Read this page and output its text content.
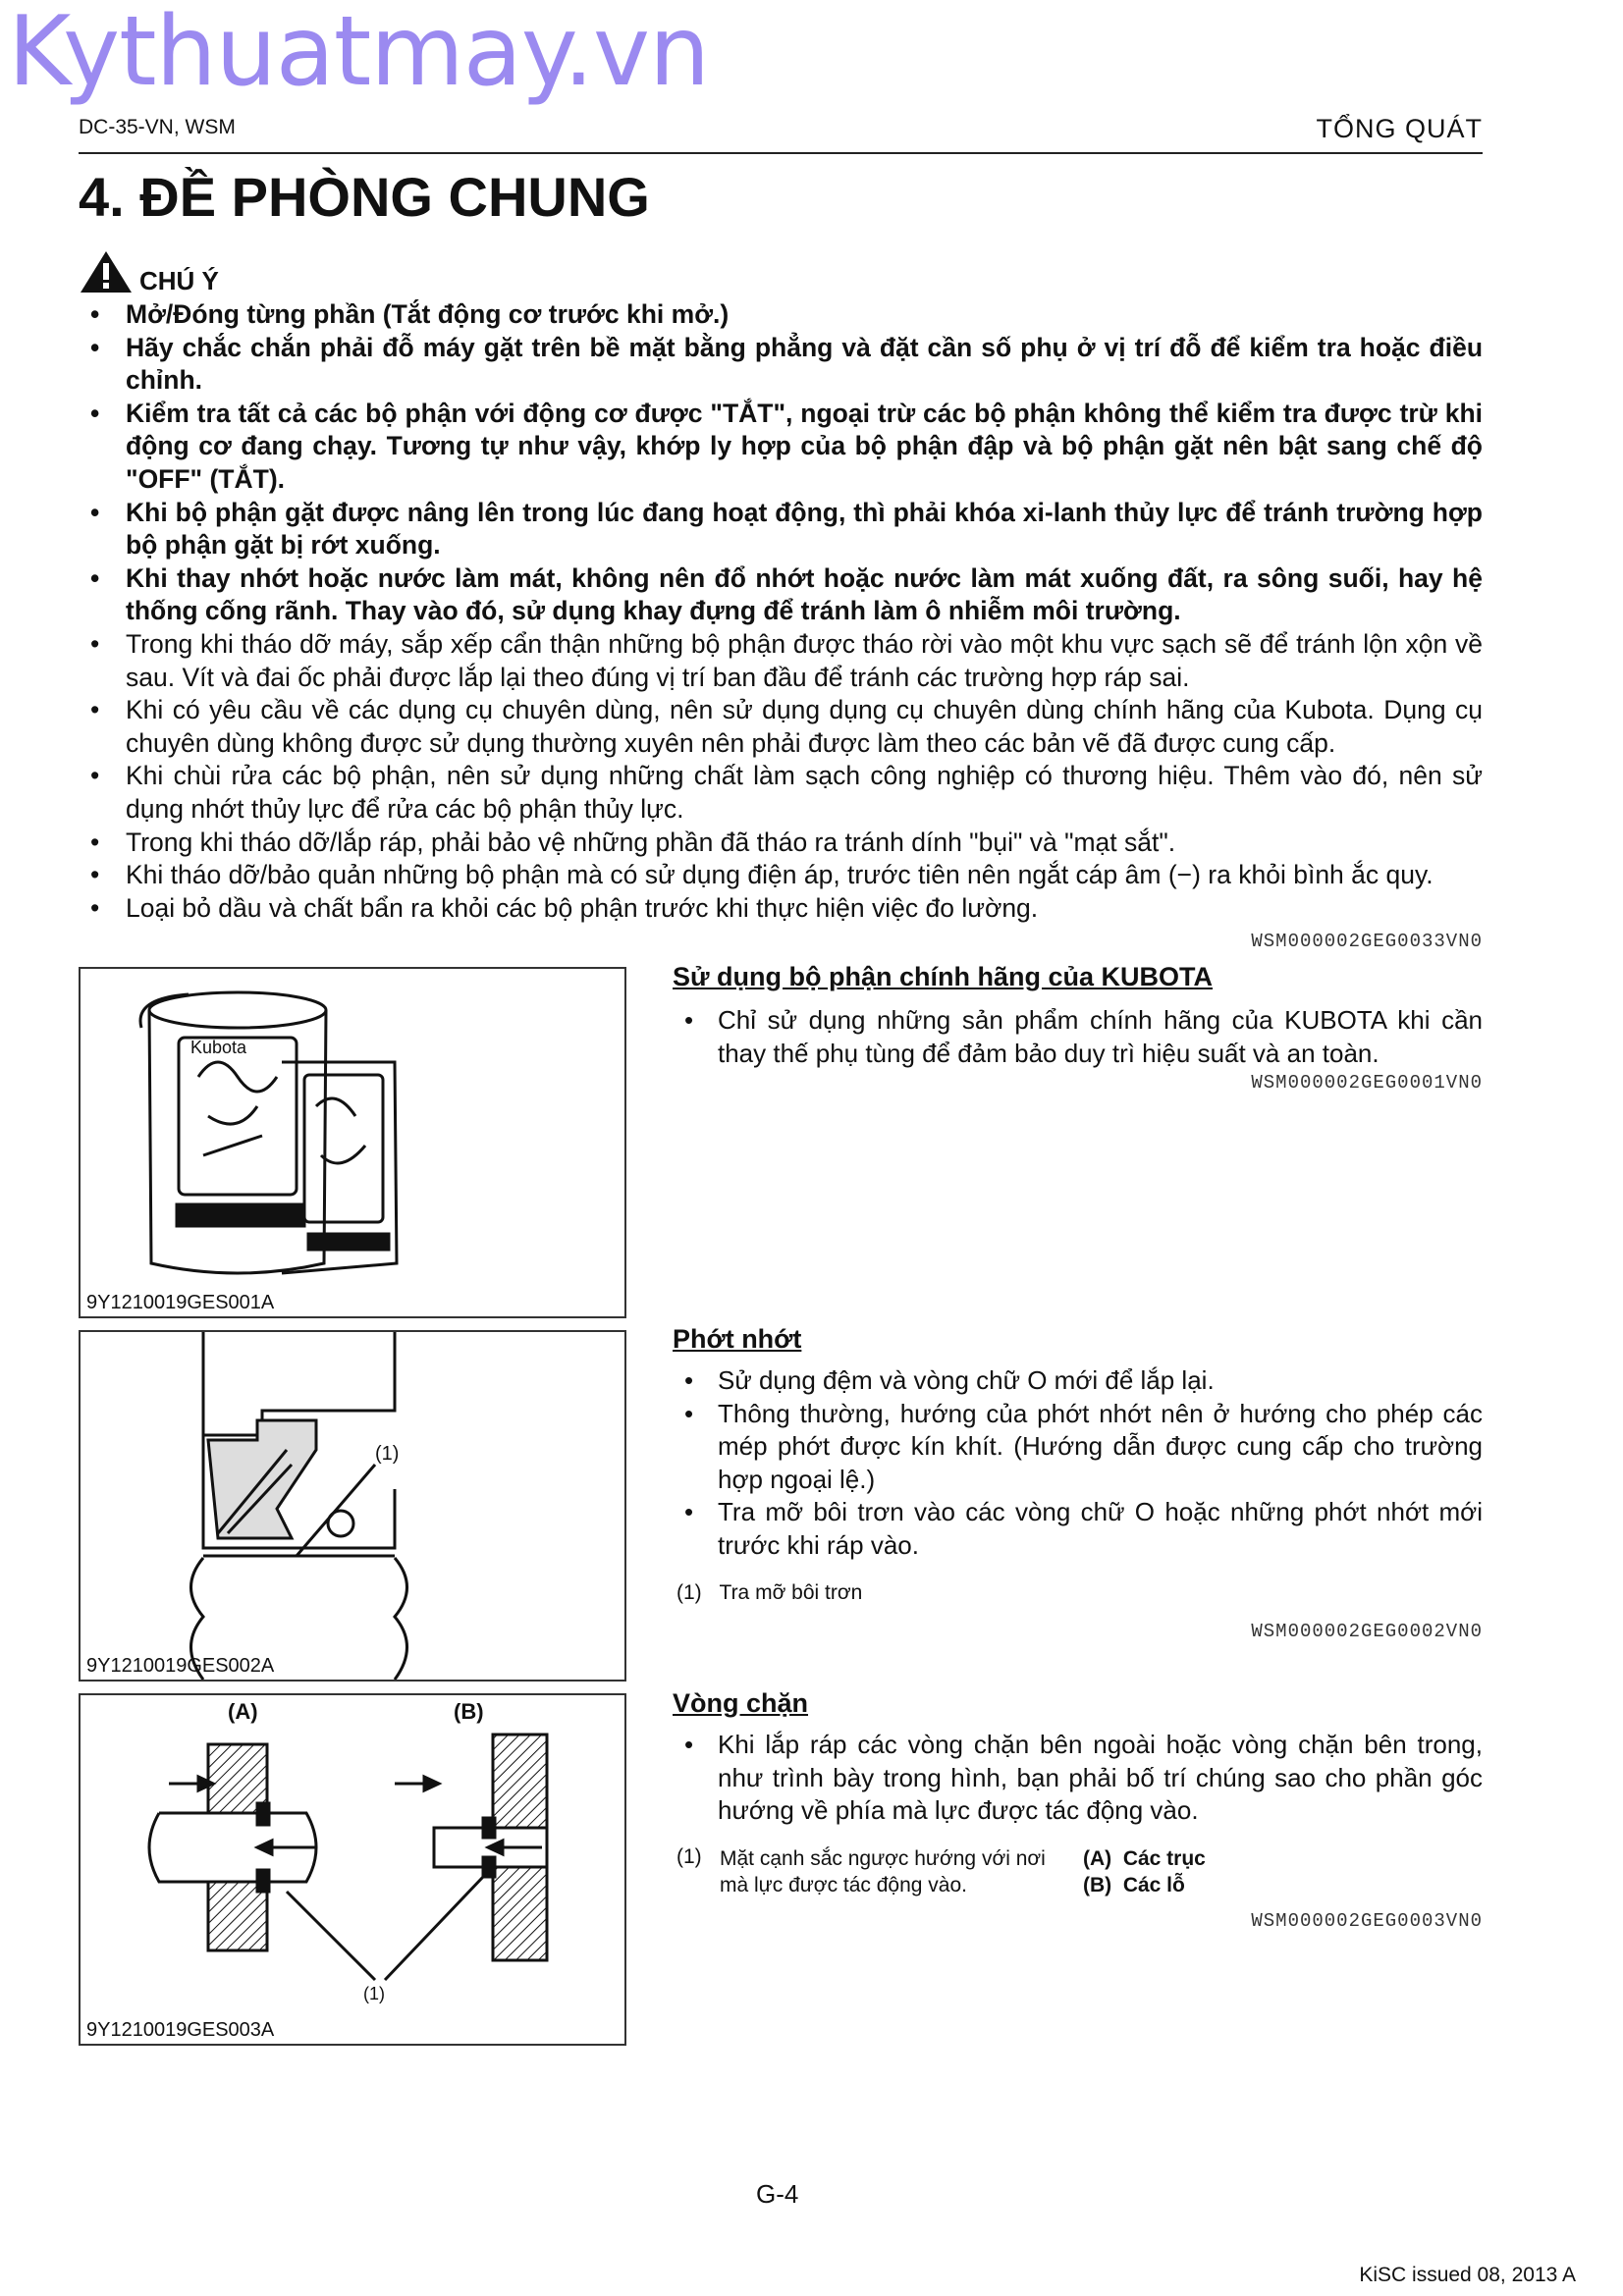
Kythuatmay.vn
DC-35-VN, WSM	TỔNG QUÁT
4. ĐỀ PHÒNG CHUNG
CHÚ Ý
• Mở/Đóng từng phần (Tắt động cơ trước khi mở.)
• Hãy chắc chắn phải đỗ máy gặt trên bề mặt bằng phẳng và đặt cần số phụ ở vị trí đỗ để kiểm tra hoặc điều chỉnh.
• Kiểm tra tất cả các bộ phận với động cơ được "TẮT", ngoại trừ các bộ phận không thể kiểm tra được trừ khi động cơ đang chạy. Tương tự như vậy, khớp ly hợp của bộ phận đập và bộ phận gặt nên bật sang chế độ "OFF" (TẮT).
• Khi bộ phận gặt được nâng lên trong lúc đang hoạt động, thì phải khóa xi-lanh thủy lực để tránh trường hợp bộ phận gặt bị rớt xuống.
• Khi thay nhớt hoặc nước làm mát, không nên đổ nhớt hoặc nước làm mát xuống đất, ra sông suối, hay hệ thống cống rãnh. Thay vào đó, sử dụng khay đựng để tránh làm ô nhiễm môi trường.
• Trong khi tháo dỡ máy, sắp xếp cẩn thận những bộ phận được tháo rời vào một khu vực sạch sẽ để tránh lộn xộn về sau. Vít và đai ốc phải được lắp lại theo đúng vị trí ban đầu để tránh các trường hợp ráp sai.
• Khi có yêu cầu về các dụng cụ chuyên dùng, nên sử dụng dụng cụ chuyên dùng chính hãng của Kubota. Dụng cụ chuyên dùng không được sử dụng thường xuyên nên phải được làm theo các bản vẽ đã được cung cấp.
• Khi chùi rửa các bộ phận, nên sử dụng những chất làm sạch công nghiệp có thương hiệu. Thêm vào đó, nên sử dụng nhớt thủy lực để rửa các bộ phận thủy lực.
• Trong khi tháo dỡ/lắp ráp, phải bảo vệ những phần đã tháo ra tránh dính "bụi" và "mạt sắt".
• Khi tháo dỡ/bảo quản những bộ phận mà có sử dụng điện áp, trước tiên nên ngắt cáp âm (−) ra khỏi bình ắc quy.
• Loại bỏ dầu và chất bẩn ra khỏi các bộ phận trước khi thực hiện việc đo lường.
WSM000002GEG0033VN0
Kubota
9Y1210019GES001A
Sử dụng bộ phận chính hãng của KUBOTA
• Chỉ sử dụng những sản phẩm chính hãng của KUBOTA khi cần thay thế phụ tùng để đảm bảo duy trì hiệu suất và an toàn.
WSM000002GEG0001VN0
(1)
9Y1210019GES002A
Phớt nhớt
• Sử dụng đệm và vòng chữ O mới để lắp lại.
• Thông thường, hướng của phớt nhớt nên ở hướng cho phép các mép phớt được kín khít. (Hướng dẫn được cung cấp cho trường hợp ngoại lệ.)
• Tra mỡ bôi trơn vào các vòng chữ O hoặc những phớt nhớt mới trước khi ráp vào.
(1) Tra mỡ bôi trơn
WSM000002GEG0002VN0
(A)	(B)
(1)
9Y1210019GES003A
Vòng chặn
• Khi lắp ráp các vòng chặn bên ngoài hoặc vòng chặn bên trong, như trình bày trong hình, bạn phải bố trí chúng sao cho phần góc hướng về phía mà lực được tác động vào.
(1) Mặt cạnh sắc ngược hướng với nơi
mà lực được tác động vào.
(A) Các trục
(B) Các lỗ
WSM000002GEG0003VN0
G-4
KiSC issued 08, 2013 A
